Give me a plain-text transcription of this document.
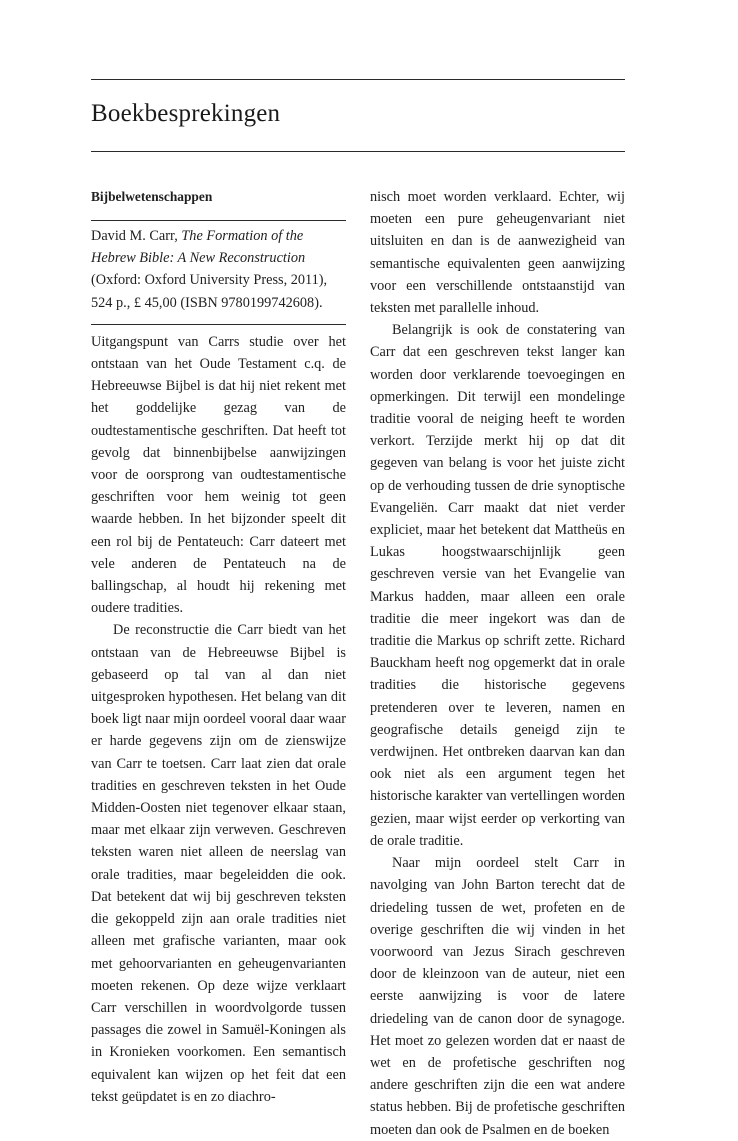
Boekbesprekingen

Bijbelwetenschappen

David M. Carr, The Formation of the Hebrew Bible: A New Reconstruction (Oxford: Oxford University Press, 2011), 524 p., £ 45,00 (ISBN 9780199742608).

Uitgangspunt van Carrs studie over het ontstaan van het Oude Testament c.q. de Hebreeuwse Bijbel is dat hij niet rekent met het goddelijke gezag van de oudtestamentische geschriften. Dat heeft tot gevolg dat binnenbijbelse aanwijzingen voor de oorsprong van oudtestamentische geschriften voor hem weinig tot geen waarde hebben. In het bijzonder speelt dit een rol bij de Pentateuch: Carr dateert met vele anderen de Pentateuch na de ballingschap, al houdt hij rekening met oudere tradities.

De reconstructie die Carr biedt van het ontstaan van de Hebreeuwse Bijbel is gebaseerd op tal van al dan niet uitgesproken hypothesen. Het belang van dit boek ligt naar mijn oordeel vooral daar waar er harde gegevens zijn om de zienswijze van Carr te toetsen. Carr laat zien dat orale tradities en geschreven teksten in het Oude Midden-Oosten niet tegenover elkaar staan, maar met elkaar zijn verweven. Geschreven teksten waren niet alleen de neerslag van orale tradities, maar begeleidden die ook. Dat betekent dat wij bij geschreven teksten die gekoppeld zijn aan orale tradities niet alleen met grafische varianten, maar ook met gehoorvarianten en geheugenvarianten moeten rekenen. Op deze wijze verklaart Carr verschillen in woordvolgorde tussen passages die zowel in Samuël-Koningen als in Kronieken voorkomen. Een semantisch equivalent kan wijzen op het feit dat een tekst geüpdatet is en zo diachro-

nisch moet worden verklaard. Echter, wij moeten een pure geheugenvariant niet uitsluiten en dan is de aanwezigheid van semantische equivalenten geen aanwijzing voor een verschillende ontstaanstijd van teksten met parallelle inhoud.

Belangrijk is ook de constatering van Carr dat een geschreven tekst langer kan worden door verklarende toevoegingen en opmerkingen. Dit terwijl een mondelinge traditie vooral de neiging heeft te worden verkort. Terzijde merkt hij op dat dit gegeven van belang is voor het juiste zicht op de verhouding tussen de drie synoptische Evangeliën. Carr maakt dat niet verder expliciet, maar het betekent dat Mattheüs en Lukas hoogstwaarschijnlijk geen geschreven versie van het Evangelie van Markus hadden, maar alleen een orale traditie die meer ingekort was dan de traditie die Markus op schrift zette. Richard Bauckham heeft nog opgemerkt dat in orale tradities die historische gegevens pretenderen over te leveren, namen en geografische details geneigd zijn te verdwijnen. Het ontbreken daarvan kan dan ook niet als een argument tegen het historische karakter van vertellingen worden gezien, maar wijst eerder op verkorting van de orale traditie.

Naar mijn oordeel stelt Carr in navolging van John Barton terecht dat de driedeling tussen de wet, profeten en de overige geschriften die wij vinden in het voorwoord van Jezus Sirach geschreven door de kleinzoon van de auteur, niet een eerste aanwijzing is voor de latere driedeling van de canon door de synagoge. Het moet zo gelezen worden dat er naast de wet en de profetische geschriften nog andere geschriften zijn die een wat andere status hebben. Bij de profetische geschriften moeten dan ook de Psalmen en de boeken
